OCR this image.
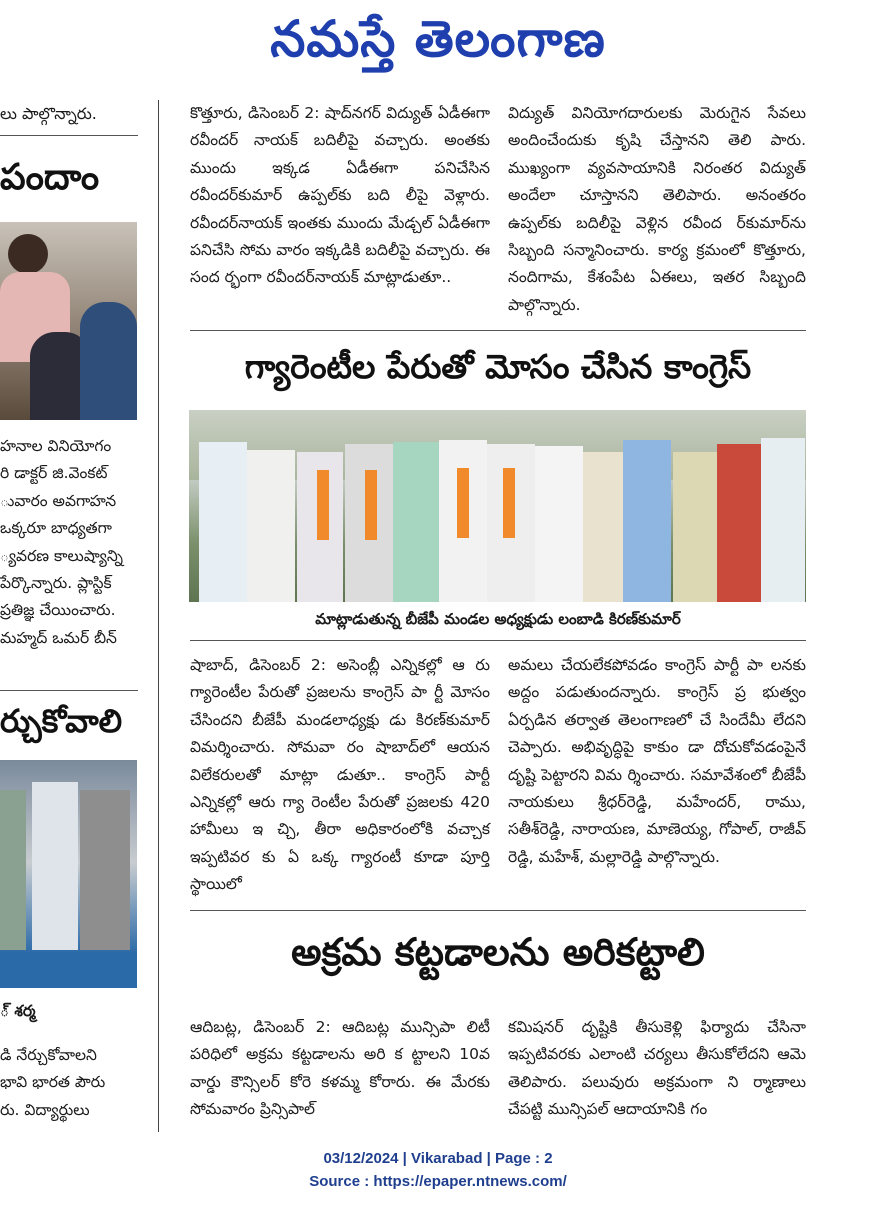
నమస్తే తెలంగాణ

లు పాల్గొన్నారు.

పందాం

హనాల వినియోగం

రి డాక్టర్ జి.వెంకట్

ువారం అవగాహన

ఒక్కరూ బాధ్యతగా

్యవరణ కాలుష్యాన్ని

పేర్కొన్నారు. ప్లాస్టిక్

ప్రతిజ్ఞ చేయించారు.

మహ్మద్ ఒమర్ బీన్

ర్చుకోవాలి

్ శర్మ

డి నేర్చుకోవాలని

భావి భారత పౌరు

రు. విద్యార్థులు

కొత్తూరు, డిసెంబర్ 2: షాద్‌నగర్ విద్యుత్ ఏడీఈగా రవీందర్ నాయక్ బదిలీపై వచ్చారు. అంతకు ముందు ఇక్కడ ఏడీఈగా పనిచేసిన రవీందర్‌కుమార్ ఉప్పల్‌కు బది లీపై వెళ్లారు. రవీందర్‌నాయక్ ఇంతకు ముందు మేడ్చల్ ఏడీఈగా పనిచేసి సోమ వారం ఇక్కడికి బదిలీపై వచ్చారు. ఈ సంద ర్భంగా రవీందర్‌నాయక్ మాట్లాడుతూ..

విద్యుత్ వినియోగదారులకు మెరుగైన సేవలు అందించేందుకు కృషి చేస్తానని తెలి పారు. ముఖ్యంగా వ్యవసాయానికి నిరంతర విద్యుత్ అందేలా చూస్తానని తెలిపారు. అనంతరం ఉప్పల్‌కు బదిలీపై వెళ్లిన రవీంద ర్‌కుమార్‌ను సిబ్బంది సన్మానించారు. కార్య క్రమంలో కొత్తూరు, నందిగామ, కేశంపేట ఏఈలు, ఇతర సిబ్బంది పాల్గొన్నారు.

గ్యారెంటీల పేరుతో మోసం చేసిన కాంగ్రెస్
మాట్లాడుతున్న బీజేపీ మండల అధ్యక్షుడు లంబాడి కిరణ్‌కుమార్

షాబాద్, డిసెంబర్ 2: అసెంబ్లీ ఎన్నికల్లో ఆ రు గ్యారెంటీల పేరుతో ప్రజలను కాంగ్రెస్ పా ర్టీ మోసం చేసిందని బీజేపీ మండలాధ్యక్షు డు కిరణ్‌కుమార్ విమర్శించారు. సోమవా రం షాబాద్‌లో ఆయన విలేకరులతో మాట్లా డుతూ.. కాంగ్రెస్ పార్టీ ఎన్నికల్లో ఆరు గ్యా రెంటీల పేరుతో ప్రజలకు 420 హామీలు ఇ చ్చి, తీరా అధికారంలోకి వచ్చాక ఇప్పటివర కు ఏ ఒక్క గ్యారంటీ కూడా పూర్తి స్థాయిలో

అమలు చేయలేకపోవడం కాంగ్రెస్ పార్టీ పా లనకు అద్దం పడుతుందన్నారు. కాంగ్రెస్ ప్ర భుత్వం ఏర్పడిన తర్వాత తెలంగాణలో చే సిందేమీ లేదని చెప్పారు. అభివృద్ధిపై కాకుం డా దోచుకోవడంపైనే దృష్టి పెట్టారని విమ ర్శించారు. సమావేశంలో బీజేపీ నాయకులు శ్రీధర్‌రెడ్డి, మహేందర్, రాము, సతీశ్‌రెడ్డి, నారాయణ, మాణెయ్య, గోపాల్, రాజీవ్ రెడ్డి, మహేశ్, మల్లారెడ్డి పాల్గొన్నారు.

అక్రమ కట్టడాలను అరికట్టాలి

ఆదిబట్ల, డిసెంబర్ 2: ఆదిబట్ల మున్సిపా లిటీ పరిధిలో అక్రమ కట్టడాలను అరి క ట్టాలని 10వ వార్డు కౌన్సిలర్ కోరె కళమ్మ కోరారు. ఈ మేరకు సోమవారం ప్రిన్సిపాల్

కమిషనర్ దృష్టికి తీసుకెళ్లి ఫిర్యాదు చేసినా ఇప్పటివరకు ఎలాంటి చర్యలు తీసుకోలేదని ఆమె తెలిపారు. పలువురు అక్రమంగా ని ర్మాణాలు చేపట్టి మున్సిపల్ ఆదాయానికి గం

03/12/2024 | Vikarabad | Page : 2
Source : https://epaper.ntnews.com/
